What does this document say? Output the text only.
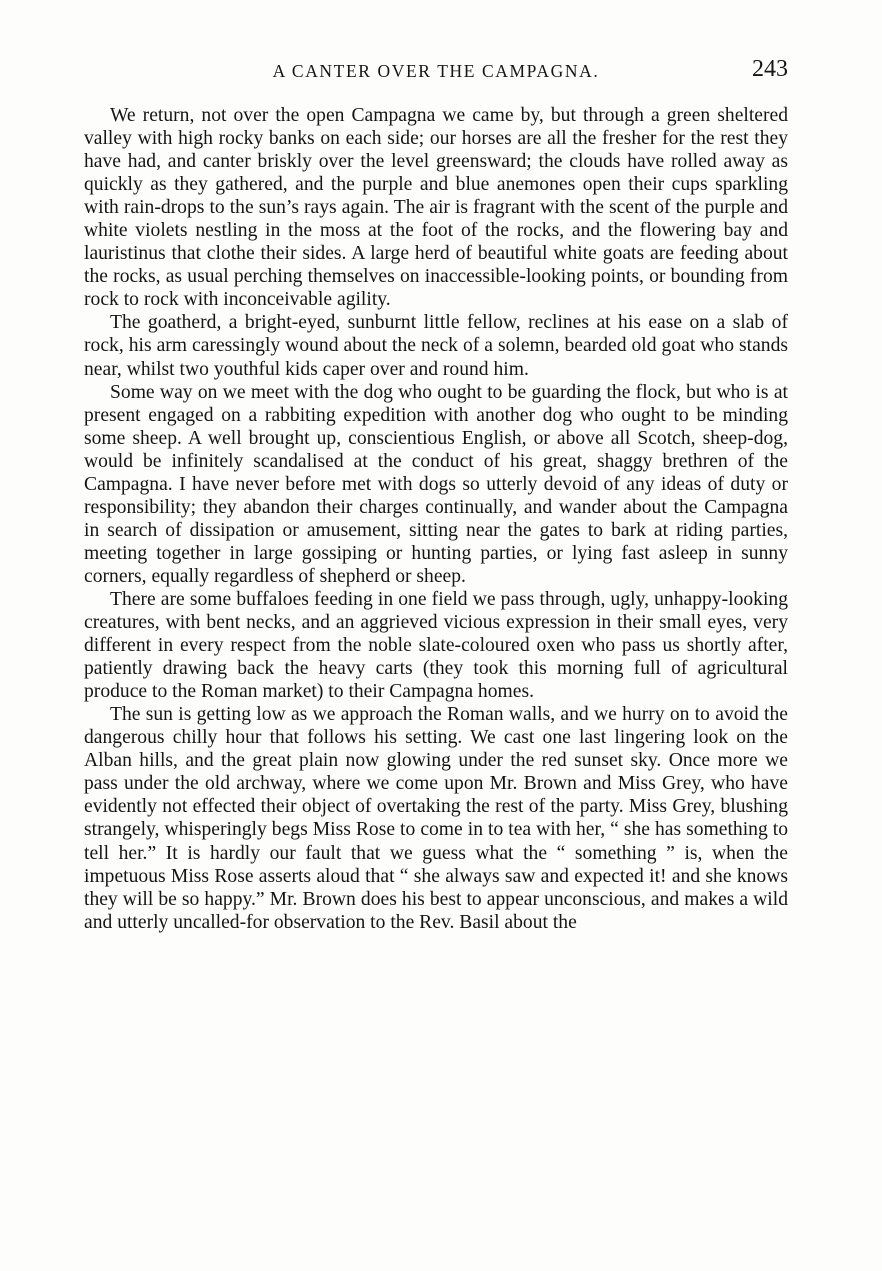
A CANTER OVER THE CAMPAGNA.	243

We return, not over the open Campagna we came by, but through a green sheltered valley with high rocky banks on each side; our horses are all the fresher for the rest they have had, and canter briskly over the level greensward; the clouds have rolled away as quickly as they gathered, and the purple and blue anemones open their cups sparkling with rain-drops to the sun’s rays again. The air is fragrant with the scent of the purple and white violets nestling in the moss at the foot of the rocks, and the flowering bay and lauristinus that clothe their sides. A large herd of beautiful white goats are feeding about the rocks, as usual perching themselves on inaccessible-looking points, or bounding from rock to rock with inconceivable agility.

The goatherd, a bright-eyed, sunburnt little fellow, reclines at his ease on a slab of rock, his arm caressingly wound about the neck of a solemn, bearded old goat who stands near, whilst two youthful kids caper over and round him.

Some way on we meet with the dog who ought to be guarding the flock, but who is at present engaged on a rabbiting expedition with another dog who ought to be minding some sheep. A well brought up, conscientious English, or above all Scotch, sheep-dog, would be infinitely scandalised at the conduct of his great, shaggy brethren of the Campagna. I have never before met with dogs so utterly devoid of any ideas of duty or responsibility; they abandon their charges continually, and wander about the Campagna in search of dissipation or amusement, sitting near the gates to bark at riding parties, meeting together in large gossiping or hunting parties, or lying fast asleep in sunny corners, equally regardless of shepherd or sheep.

There are some buffaloes feeding in one field we pass through, ugly, unhappy-looking creatures, with bent necks, and an aggrieved vicious expression in their small eyes, very different in every respect from the noble slate-coloured oxen who pass us shortly after, patiently drawing back the heavy carts (they took this morning full of agricultural produce to the Roman market) to their Campagna homes.

The sun is getting low as we approach the Roman walls, and we hurry on to avoid the dangerous chilly hour that follows his setting. We cast one last lingering look on the Alban hills, and the great plain now glowing under the red sunset sky. Once more we pass under the old archway, where we come upon Mr. Brown and Miss Grey, who have evidently not effected their object of overtaking the rest of the party. Miss Grey, blushing strangely, whisperingly begs Miss Rose to come in to tea with her, “ she has something to tell her.” It is hardly our fault that we guess what the “ something ” is, when the impetuous Miss Rose asserts aloud that “ she always saw and expected it! and she knows they will be so happy.” Mr. Brown does his best to appear unconscious, and makes a wild and utterly uncalled-for observation to the Rev. Basil about the
